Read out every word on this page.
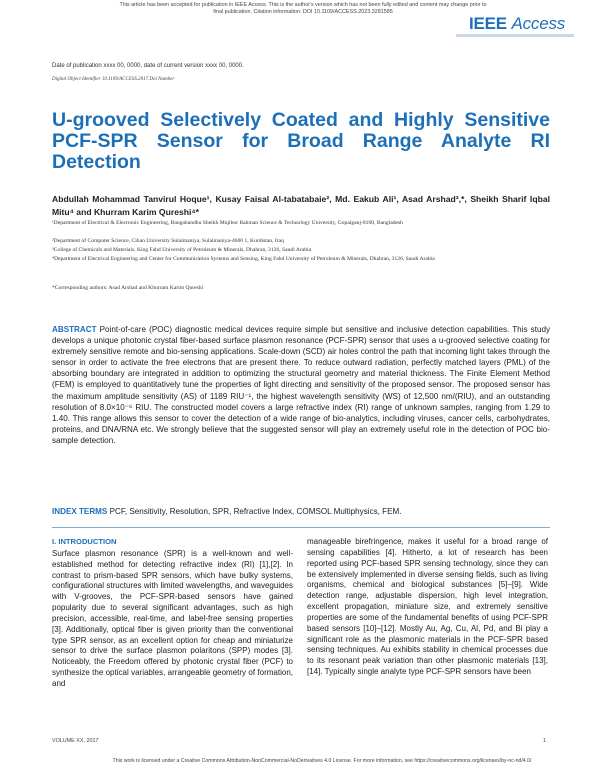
This article has been accepted for publication in IEEE Access. This is the author's version which has not been fully edited and content may change prior to final publication. Citation information: DOI 10.1109/ACCESS.2023.3281585
IEEE Access
Date of publication xxxx 00, 0000, date of current version xxxx 00, 0000.
Digital Object Identifier 10.1109/ACCESS.2017.Doi Number
U-grooved Selectively Coated and Highly Sensitive PCF-SPR Sensor for Broad Range Analyte RI Detection
Abdullah Mohammad Tanvirul Hoque¹, Kusay Faisal Al-tabatabaie², Md. Eakub Ali¹, Asad Arshad³,*, Sheikh Sharif Iqbal Mitu⁴ and Khurram Karim Qureshi⁴*
¹Department of Electrical & Electronic Engineering, Bangabandhu Sheikh Mujibur Rahman Science & Technology University, Gopalganj-8100, Bangladesh
²Department of Computer Science, Cihan University Sulaimaniya, Sulaimaniya-4600 1, Kurdistan, Iraq
³College of Chemicals and Materials, King Fahd University of Petroleum & Minerals, Dhahran, 3126, Saudi Arabia
⁴Department of Electrical Engineering and Center for Communication Systems and Sensing, King Fahd University of Petroleum & Minerals, Dhahran, 3126, Saudi Arabia
*Corresponding authors: Asad Arshad and Khurram Karim Qureshi
ABSTRACT Point-of-care (POC) diagnostic medical devices require simple but sensitive and inclusive detection capabilities. This study develops a unique photonic crystal fiber-based surface plasmon resonance (PCF-SPR) sensor that uses a u-grooved selective coating for extremely sensitive remote and bio-sensing applications. Scale-down (SCD) air holes control the path that incoming light takes through the sensor in order to activate the free electrons that are present there. To reduce outward radiation, perfectly matched layers (PML) of the absorbing boundary are integrated in addition to optimizing the structural geometry and material thickness. The Finite Element Method (FEM) is employed to quantitatively tune the properties of light directing and sensitivity of the proposed sensor. The proposed sensor has the maximum amplitude sensitivity (AS) of 1189 RIU⁻¹, the highest wavelength sensitivity (WS) of 12,500 nm/(RIU), and an outstanding resolution of 8.0×10⁻⁶ RIU. The constructed model covers a large refractive index (RI) range of unknown samples, ranging from 1.29 to 1.40. This range allows this sensor to cover the detection of a wide range of bio-analytics, including viruses, cancer cells, carbohydrates, proteins, and DNA/RNA etc. We strongly believe that the suggested sensor will play an extremely useful role in the detection of POC bio-sample detection.
INDEX TERMS PCF, Sensitivity, Resolution, SPR, Refractive Index, COMSOL Multiphysics, FEM.
I. INTRODUCTION
Surface plasmon resonance (SPR) is a well-known and well-established method for detecting refractive index (RI) [1],[2]. In contrast to prism-based SPR sensors, which have bulky systems, configurational structures with limited wavelengths, and waveguides with V-grooves, the PCF-SPR-based sensors have gained popularity due to several significant advantages, such as high precision, accessible, real-time, and label-free sensing properties [3]. Additionally, optical fiber is given priority than the conventional type SPR sensor, as an excellent option for cheap and miniaturize sensor to drive the surface plasmon polaritons (SPP) modes [3]. Noticeably, the Freedom offered by photonic crystal fiber (PCF) to synthesize the optical variables, arrangeable geometry of formation, and
manageable birefringence, makes it useful for a broad range of sensing capabilities [4]. Hitherto, a lot of research has been reported using PCF-based SPR sensing technology, since they can be extensively implemented in diverse sensing fields, such as living organisms, chemical and biological substances [5]–[9]. Wide detection range, adjustable dispersion, high level integration, excellent propagation, miniature size, and extremely sensitive properties are some of the fundamental benefits of using PCF-SPR based sensors [10]–[12]. Mostly Au, Ag, Cu, Al, Pd, and Bi play a significant role as the plasmonic materials in the PCF-SPR based sensing techniques. Au exhibits stability in chemical processes due to its resonant peak variation than other plasmonic materials [13],[14]. Typically single analyte type PCF-SPR sensors have been
VOLUME XX, 2017	1
This work is licensed under a Creative Commons Attribution-NonCommercial-NoDerivatives 4.0 License. For more information, see https://creativecommons.org/licenses/by-nc-nd/4.0/
